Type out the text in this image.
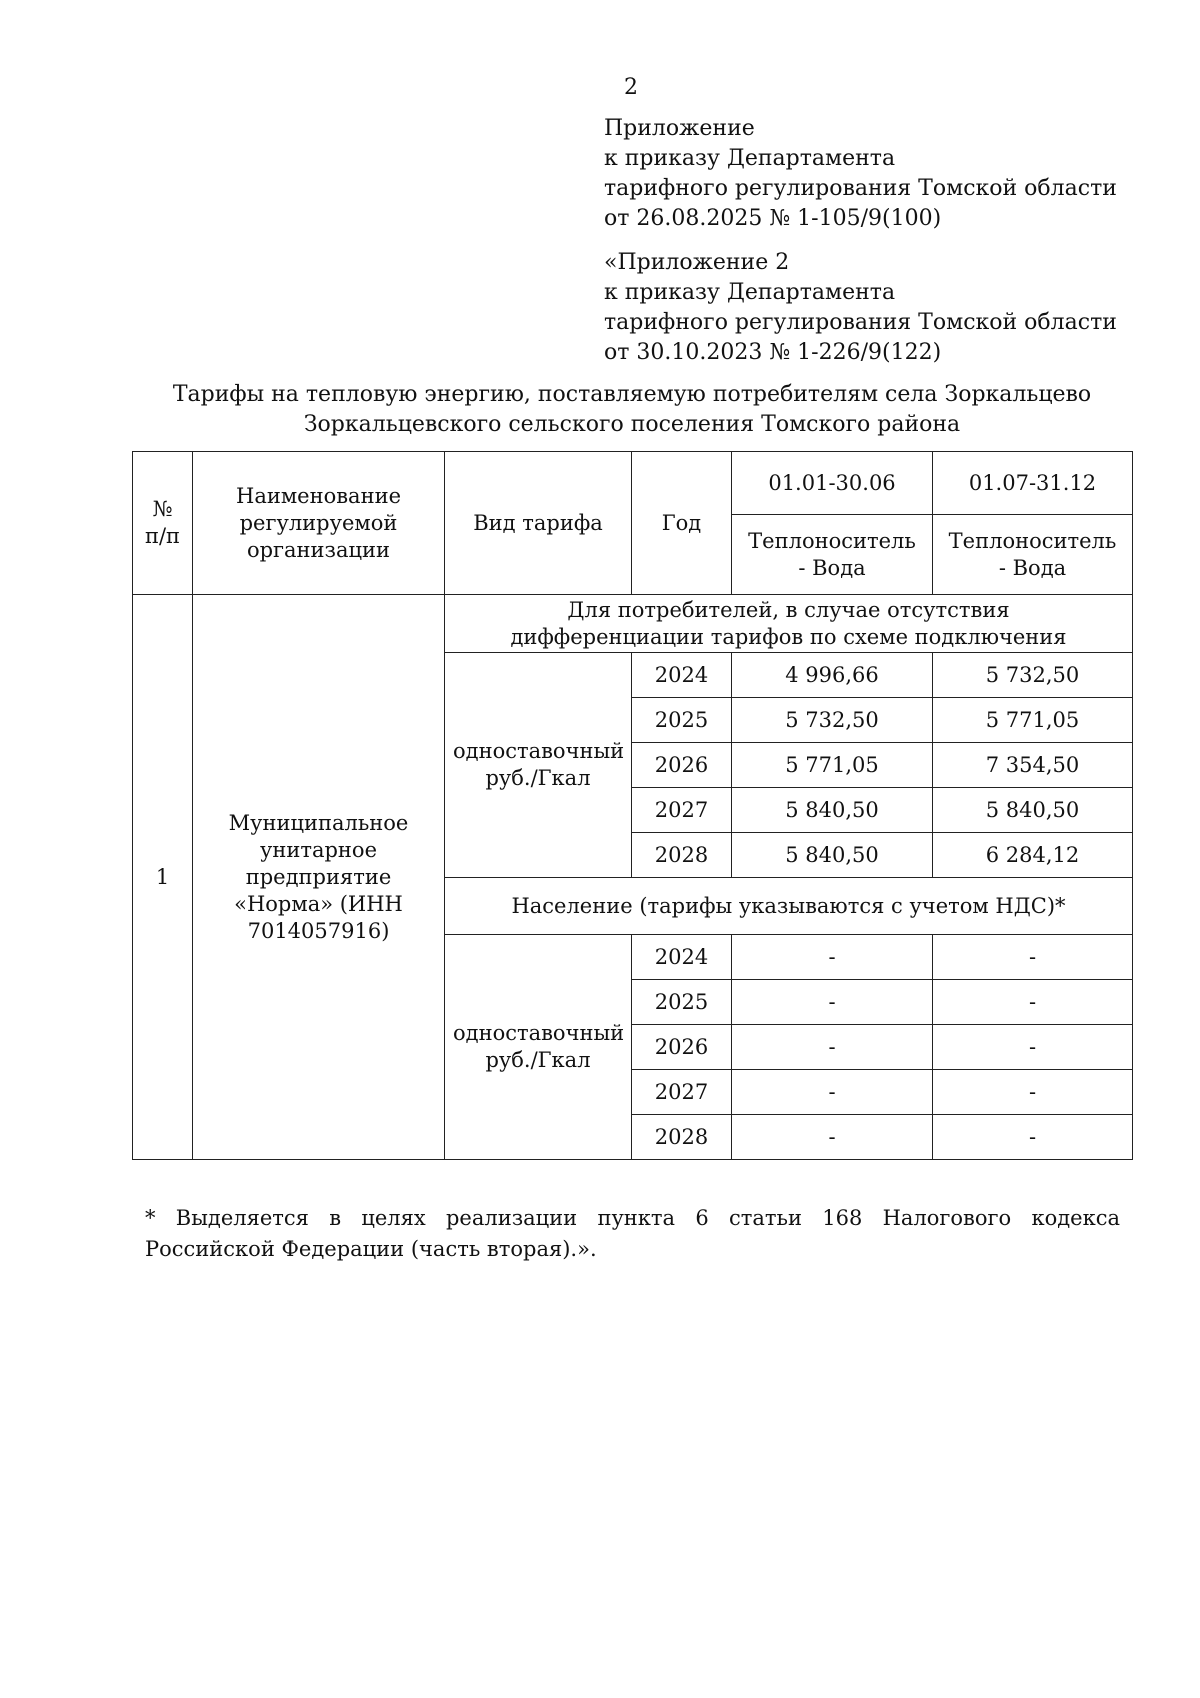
2
Приложение
к приказу Департамента
тарифного регулирования Томской области
от 26.08.2025 № 1-105/9(100)
«Приложение 2
к приказу Департамента
тарифного регулирования Томской области
от 30.10.2023 № 1-226/9(122)
Тарифы на тепловую энергию, поставляемую потребителям села Зоркальцево
Зоркальцевского сельского поселения Томского района
№ п/п	Наименование регулируемой организации	Вид тарифа	Год	01.01-30.06	01.07-31.12

				Теплоноситель - Вода	Теплоноситель - Вода

1	Муниципальное унитарное предприятие «Норма» (ИНН 7014057916)	Для потребителей, в случае отсутствия дифференциации тарифов по схеме подключения			

		одноставочный руб./Гкал	2024	4 996,66	5 732,50
			2025	5 732,50	5 771,05
			2026	5 771,05	7 354,50
			2027	5 840,50	5 840,50
			2028	5 840,50	6 284,12
		Население (тарифы указываются с учетом НДС)*			

		одноставочный руб./Гкал	2024	-	-
			2025	-	-
			2026	-	-
			2027	-	-
			2028	-	-
* Выделяется в целях реализации пункта 6 статьи 168 Налогового кодекса Российской Федерации (часть вторая).».
